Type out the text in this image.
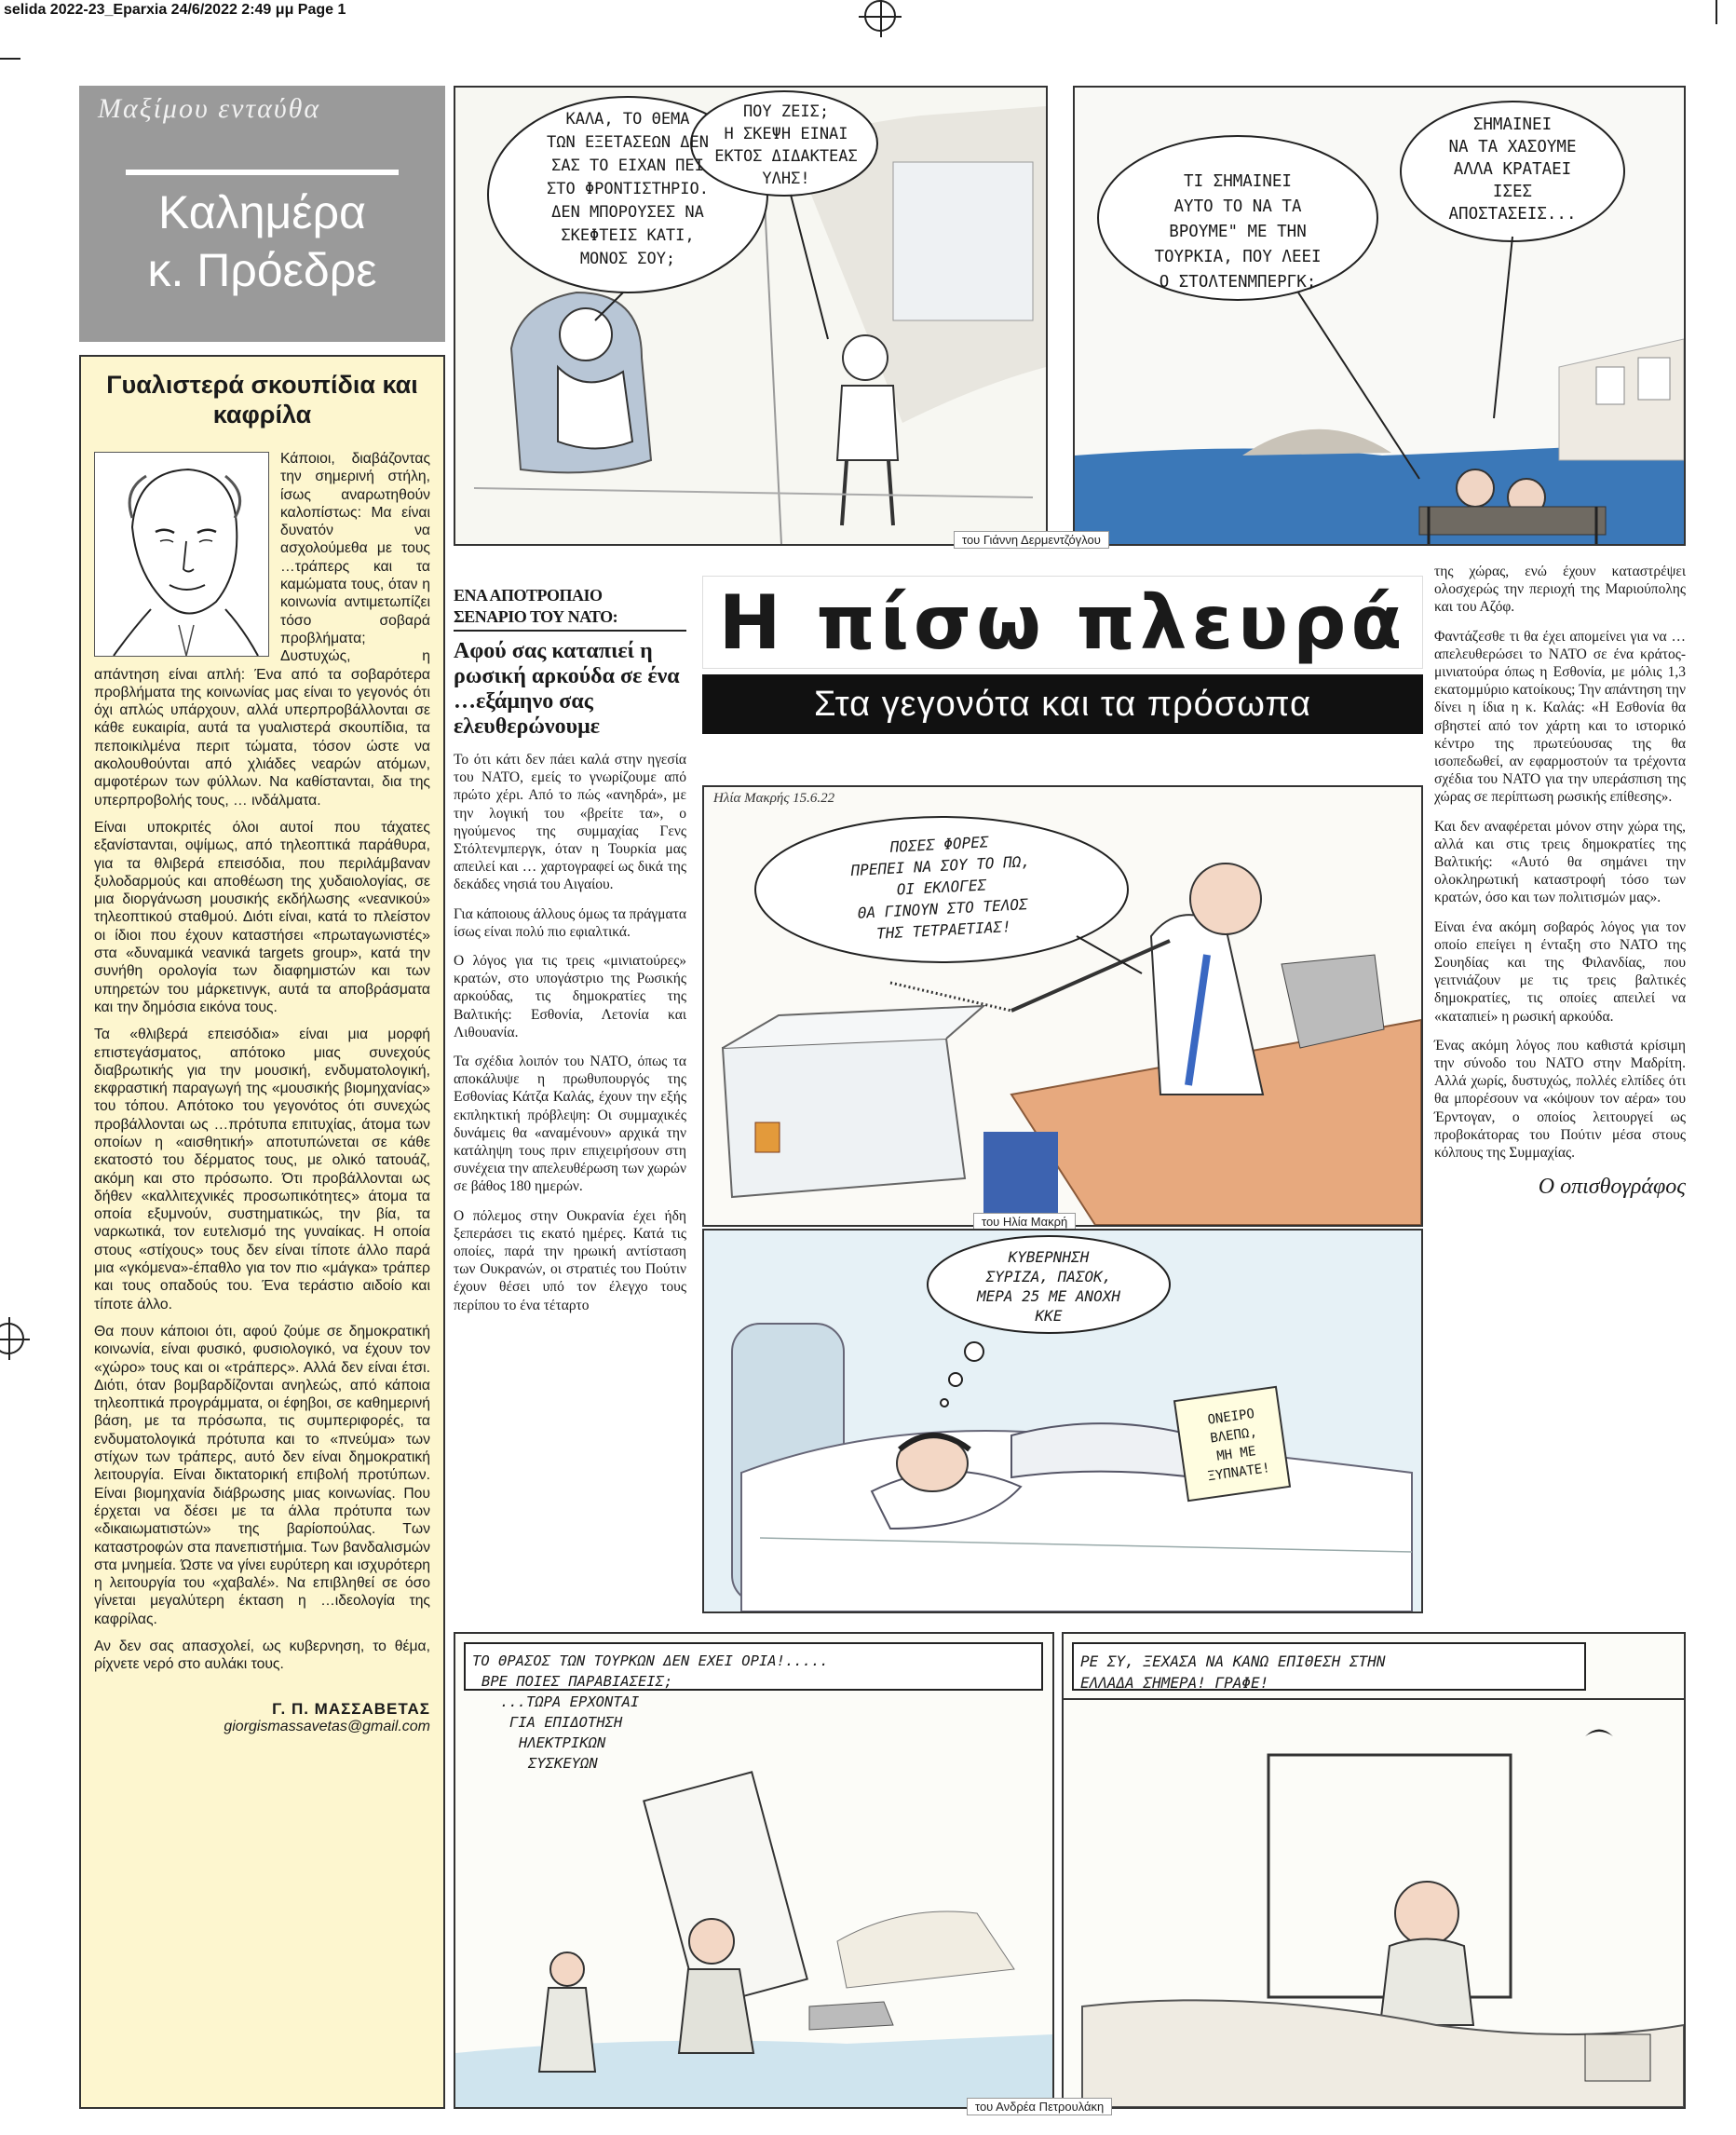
selida 2022-23_Eparxia 24/6/2022 2:49 μμ Page 1
Μαξίμου ενταύθα
Καλημέρα
κ. Πρόεδρε
Γυαλιστερά σκουπίδια και καφρίλα

Κάποιοι, διαβάζοντας την σημερινή στήλη, ίσως αναρωτηθούν καλοπίστως: Μα είναι δυνατόν να ασχολούμεθα με τους …τράπερς και τα καμώματα τους, όταν η κοινωνία αντιμετωπίζει τόσο σοβαρά προβλήματα; Δυστυχώς, η απάντηση είναι απλή: Ένα από τα σοβαρότερα προβλήματα της κοινωνίας μας είναι το γεγονός ότι όχι απλώς υπάρχουν, αλλά υπερπροβάλλονται σε κάθε ευκαιρία, αυτά τα γυαλιστερά σκουπίδια, τα πεποικιλμένα περιτ τώματα, τόσον ώστε να ακολουθούνται από χλιάδες νεαρών ατόμων, αμφοτέρων των φύλλων. Να καθίστανται, δια της υπερπροβολής τους, … ινδάλματα.

Είναι υποκριτές όλοι αυτοί που τάχατες εξανίστανται, οψίμως, από τηλεοπτικά παράθυρα, για τα θλιβερά επεισόδια, που περιλάμβαναν ξυλοδαρμούς και αποθέωση της χυδαιολογίας, σε μια διοργάνωση μουσικής εκδήλωσης «νεανικού» τηλεοπτικού σταθμού. Διότι είναι, κατά το πλείστον οι ίδιοι που έχουν καταστήσει «πρωταγωνιστές» στα «δυναμικά νεανικά targets group», κατά την συνήθη ορολογία των διαφημιστών και των υπηρετών του μάρκετινγκ, αυτά τα αποβράσματα και την δημόσια εικόνα τους.

Τα «θλιβερά επεισόδια» είναι μια μορφή επιστεγάσματος, απότοκο μιας συνεχούς διαβρωτικής για την μουσική, ενδυματολογική, εκφραστική παραγωγή της «μουσικής βιομηχανίας» του τόπου. Απότοκο του γεγονότος ότι συνεχώς προβάλλονται ως …πρότυπα επιτυχίας, άτομα των οποίων η «αισθητική» αποτυπώνεται σε κάθε εκατοστό του δέρματος τους, με ολικό τατουάζ, ακόμη και στο πρόσωπο. Ότι προβάλλονται ως δήθεν «καλλιτεχνικές προσωπικότητες» άτομα τα οποία εξυμνούν, συστηματικώς, την βία, τα ναρκωτικά, τον ευτελισμό της γυναίκας. Η οποία στους «στίχους» τους δεν είναι τίποτε άλλο παρά μια «γκόμενα»-έπαθλο για τον πιο «μάγκα» τράπερ και τους οπαδούς του. Ένα τεράστιο αιδοίο και τίποτε άλλο.

Θα πουν κάποιοι ότι, αφού ζούμε σε δημοκρατική κοινωνία, είναι φυσικό, φυσιολογικό, να έχουν τον «χώρο» τους και οι «τράπερς». Αλλά δεν είναι έτσι. Διότι, όταν βομβαρδίζονται ανηλεώς, από κάποια τηλεοπτικά προγράμματα, οι έφηβοι, σε καθημερινή βάση, με τα πρόσωπα, τις συμπεριφορές, τα ενδυματολογικά πρότυπα και το «πνεύμα» των στίχων των τράπερς, αυτό δεν είναι δημοκρατική λειτουργία. Είναι δικτατορική επιβολή προτύπων. Είναι βιομηχανία διάβρωσης μιας κοινωνίας. Που έρχεται να δέσει με τα άλλα πρότυπα των «δικαιωματιστών» της βαρίοπούλας. Των καταστροφών στα πανεπιστήμια. Των βανδαλισμών στα μνημεία. Ώστε να γίνει ευρύτερη και ισχυρότερη η λειτουργία του «χαβαλέ». Να επιβληθεί σε όσο γίνεται μεγαλύτερη έκταση η …ιδεολογία της καφρίλας.

Αν δεν σας απασχολεί, ως κυβερνηση, το θέμα, ρίχνετε νερό στο αυλάκι τους.

Γ. Π. ΜΑΣΣΑΒΕΤΑΣ
giorgismassavetas@gmail.com
ΚΑΛΑ, ΤΟ ΘΕΜΑ
ΤΩΝ ΕΞΕΤΑΣΕΩΝ ΔΕΝ
ΣΑΣ ΤΟ ΕΙΧΑΝ ΠΕΙ
ΣΤΟ ΦΡΟΝΤΙΣΤΗΡΙΟ.
ΔΕΝ ΜΠΟΡΟΥΣΕΣ ΝΑ
ΣΚΕΦΤΕΙΣ ΚΑΤΙ,
ΜΟΝΟΣ ΣΟΥ;
ΠΟΥ ΖΕΙΣ;
Η ΣΚΕΨΗ ΕΙΝΑΙ
ΕΚΤΟΣ ΔΙΔΑΚΤΕΑΣ
ΥΛΗΣ!	ΤΙ ΣΗΜΑΙΝΕΙ
ΑΥΤΟ ΤΟ ΝΑ ΤΑ
ΒΡΟΥΜΕ" ΜΕ ΤΗΝ
ΤΟΥΡΚΙΑ, ΠΟΥ ΛΕΕΙ
Ο ΣΤΟΛΤΕΝΜΠΕΡΓΚ;
ΣΗΜΑΙΝΕΙ
ΝΑ ΤΑ ΧΑΣΟΥΜΕ
ΑΛΛΑ ΚΡΑΤΑΕΙ
ΙΣΕΣ
ΑΠΟΣΤΑΣΕΙΣ...
του Γιάννη Δερμεντζόγλου
ΕΝΑ ΑΠΟΤΡΟΠΑΙΟ
ΣΕΝΑΡΙΟ ΤΟΥ ΝΑΤΟ:
Αφού σας καταπιεί η ρωσική αρκούδα σε ένα …εξάμηνο σας ελευθερώνουμε

Το ότι κάτι δεν πάει καλά στην ηγεσία του ΝΑΤΟ, εμείς το γνωρίζουμε από πρώτο χέρι. Από το πώς «ανηδρά», με την λογική του «βρείτε τα», ο ηγούμενος της συμμαχίας Γενς Στόλτενμπεργκ, όταν η Τουρκία μας απειλεί και … χαρτογραφεί ως δικά της δεκάδες νησιά του Αιγαίου.

Για κάποιους άλλους όμως τα πράγματα ίσως είναι πολύ πιο εφιαλτικά.

Ο λόγος για τις τρεις «μινιατούρες» κρατών, στο υπογάστριο της Ρωσικής αρκούδας, τις δημοκρατίες της Βαλτικής: Εσθονία, Λετονία και Λιθουανία.

Τα σχέδια λοιπόν του ΝΑΤΟ, όπως τα αποκάλυψε η πρωθυπουργός της Εσθονίας Κάτζα Καλάς, έχουν την εξής εκπληκτική πρόβλεψη: Οι συμμαχικές δυνάμεις θα «αναμένουν» αρχικά την κατάληψη τους πριν επιχειρήσουν στη συνέχεια την απελευθέρωση των χωρών σε βάθος 180 ημερών.

Ο πόλεμος στην Ουκρανία έχει ήδη ξεπεράσει τις εκατό ημέρες. Κατά τις οποίες, παρά την ηρωική αντίσταση των Ουκρανών, οι στρατιές του Πούτιν έχουν θέσει υπό τον έλεγχο τους περίπου το ένα τέταρτο

Η πίσω πλευρά
Στα γεγονότα και τα πρόσωπα
Ηλία Μακρής 15.6.22
ΠΟΣΕΣ ΦΟΡΕΣ
ΠΡΕΠΕΙ ΝΑ ΣΟΥ ΤΟ ΠΩ,
ΟΙ ΕΚΛΟΓΕΣ
ΘΑ ΓΙΝΟΥΝ ΣΤΟ ΤΕΛΟΣ
ΤΗΣ ΤΕΤΡΑΕΤΙΑΣ!
του Ηλία Μακρή
ΚΥΒΕΡΝΗΣΗ
ΣΥΡΙΖΑ, ΠΑΣΟΚ,
ΜΕΡΑ 25 ΜΕ ΑΝΟΧΗ
ΚΚΕ
ΟΝΕΙΡΟ
ΒΛΕΠΩ,
ΜΗ ΜΕ
ΞΥΠΝΑΤΕ!

της χώρας, ενώ έχουν καταστρέψει ολοσχερώς την περιοχή της Μαριούπολης και του Αζόφ.

Φαντάζεσθε τι θα έχει απομείνει για να …απελευθερώσει το ΝΑΤΟ σε ένα κράτος-μινιατούρα όπως η Εσθονία, με μόλις 1,3 εκατομμύριο κατοίκους; Την απάντηση την δίνει η ίδια η κ. Καλάς: «Η Εσθονία θα σβηστεί από τον χάρτη και το ιστορικό κέντρο της πρωτεύουσας της θα ισοπεδωθεί, αν εφαρμοστούν τα τρέχοντα σχέδια του ΝΑΤΟ για την υπεράσπιση της χώρας σε περίπτωση ρωσικής επίθεσης».

Και δεν αναφέρεται μόνον στην χώρα της, αλλά και στις τρεις δημοκρατίες της Βαλτικής: «Αυτό θα σημάνει την ολοκληρωτική καταστροφή τόσο των κρατών, όσο και των πολιτισμών μας».

Είναι ένα ακόμη σοβαρός λόγος για τον οποίο επείγει η ένταξη στο ΝΑΤΟ της Σουηδίας και της Φιλανδίας, που γειτνιάζουν με τις τρεις βαλτικές δημοκρατίες, τις οποίες απειλεί να «καταπιεί» η ρωσική αρκούδα.

Ένας ακόμη λόγος που καθιστά κρίσιμη την σύνοδο του ΝΑΤΟ στην Μαδρίτη. Αλλά χωρίς, δυστυχώς, πολλές ελπίδες ότι θα μπορέσουν να «κόψουν τον αέρα» του Έρντογαν, ο οποίος λειτουργεί ως προβοκάτορας του Πούτιν μέσα στους κόλπους της Συμμαχίας.

Ο οπισθογράφος
ΤΟ ΘΡΑΣΟΣ ΤΩΝ ΤΟΥΡΚΩΝ ΔΕΝ ΕΧΕΙ ΟΡΙΑ!.....
ΒΡΕ ΠΟΙΕΣ ΠΑΡΑΒΙΑΣΕΙΣ;
...ΤΩΡΑ ΕΡΧΟΝΤΑΙ
ΓΙΑ ΕΠΙΔΟΤΗΣΗ
ΗΛΕΚΤΡΙΚΩΝ
ΣΥΣΚΕΥΩΝ
ΡΕ ΣΥ, ΞΕΧΑΣΑ ΝΑ ΚΑΝΩ ΕΠΙΘΕΣΗ ΣΤΗΝ
ΕΛΛΑΔΑ ΣΗΜΕΡΑ! ΓΡΑΦΕ!
του Ανδρέα Πετρουλάκη
